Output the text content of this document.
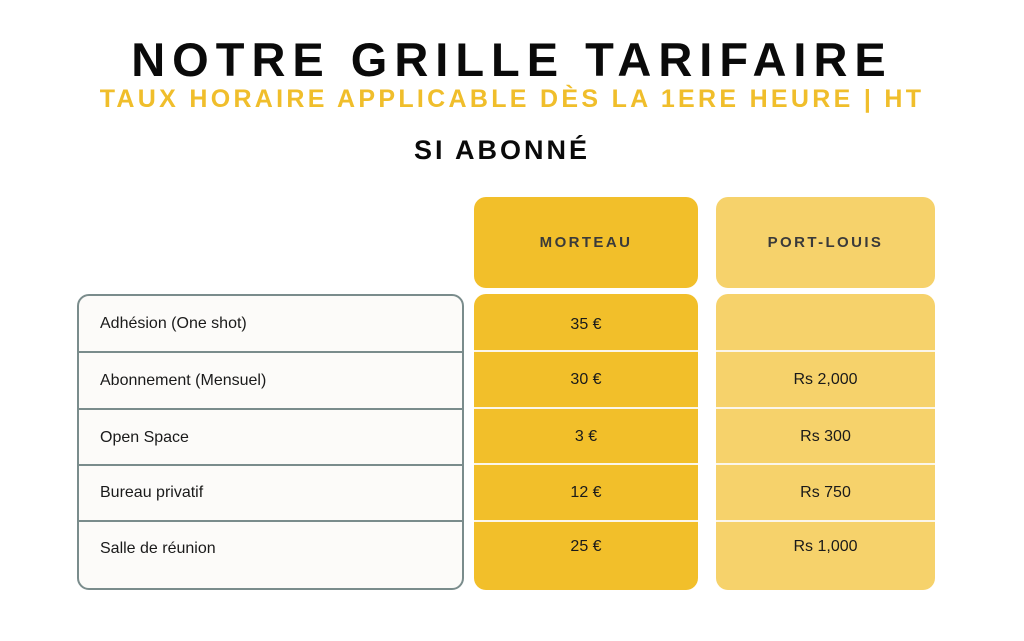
NOTRE GRILLE TARIFAIRE
TAUX HORAIRE APPLICABLE DÈS LA 1ERE HEURE | HT
SI ABONNÉ
MORTEAU	PORT-LOUIS
Adhésion (One shot)
Abonnement (Mensuel)
Open Space
Bureau privatif
Salle de réunion
35 €
30 €
3 €
12 €
25 €
Rs 2,000
Rs 300
Rs 750
Rs 1,000
